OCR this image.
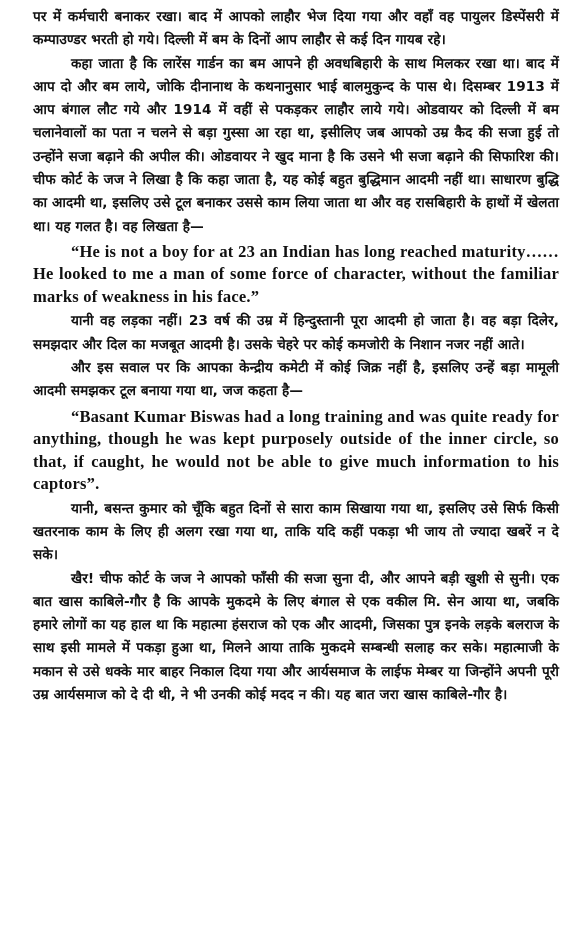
पर में कर्मचारी बनाकर रखा। बाद में आपको लाहौर भेज दिया गया और वहाँ वह पायुलर डिस्पेंसरी में कम्पाउण्डर भरती हो गये। दिल्ली में बम के दिनों आप लाहौर से कई दिन गायब रहे।

कहा जाता है कि लारेंस गार्डन का बम आपने ही अवधबिहारी के साथ मिलकर रखा था। बाद में आप दो और बम लाये, जोकि दीनानाथ के कथनानुसार भाई बालमुकुन्द के पास थे। दिसम्बर 1913 में आप बंगाल लौट गये और 1914 में वहीं से पकड़कर लाहौर लाये गये। ओडवायर को दिल्ली में बम चलानेवालों का पता न चलने से बड़ा गुस्सा आ रहा था, इसीलिए जब आपको उम्र कैद की सजा हुई तो उन्होंने सजा बढ़ाने की अपील की। ओडवायर ने खुद माना है कि उसने भी सजा बढ़ाने की सिफारिश की। चीफ कोर्ट के जज ने लिखा है कि कहा जाता है, यह कोई बहुत बुद्धिमान आदमी नहीं था। साधारण बुद्धि का आदमी था, इसलिए उसे टूल बनाकर उससे काम लिया जाता था और वह रासबिहारी के हाथों में खेलता था। यह गलत है। वह लिखता है—

“He is not a boy for at 23 an Indian has long reached maturity……He looked to me a man of some force of character, without the familiar marks of weakness in his face.”

यानी वह लड़का नहीं। 23 वर्ष की उम्र में हिन्दुस्तानी पूरा आदमी हो जाता है। वह बड़ा दिलेर, समझदार और दिल का मजबूत आदमी है। उसके चेहरे पर कोई कमजोरी के निशान नजर नहीं आते।

और इस सवाल पर कि आपका केन्द्रीय कमेटी में कोई जिक्र नहीं है, इसलिए उन्हें बड़ा मामूली आदमी समझकर टूल बनाया गया था, जज कहता है—

“Basant Kumar Biswas had a long training and was quite ready for anything, though he was kept purposely outside of the inner circle, so that, if caught, he would not be able to give much information to his captors”.

यानी, बसन्त कुमार को चूँकि बहुत दिनों से सारा काम सिखाया गया था, इसलिए उसे सिर्फ किसी खतरनाक काम के लिए ही अलग रखा गया था, ताकि यदि कहीं पकड़ा भी जाय तो ज्यादा खबरें न दे सके।

खैर! चीफ कोर्ट के जज ने आपको फाँसी की सजा सुना दी, और आपने बड़ी खुशी से सुनी। एक बात खास काबिले-गौर है कि आपके मुकदमे के लिए बंगाल से एक वकील मि. सेन आया था, जबकि हमारे लोगों का यह हाल था कि महात्मा हंसराज को एक और आदमी, जिसका पुत्र इनके लड़के बलराज के साथ इसी मामले में पकड़ा हुआ था, मिलने आया ताकि मुकदमे सम्बन्धी सलाह कर सके। महात्माजी के मकान से उसे धक्के मार बाहर निकाल दिया गया और आर्यसमाज के लाईफ मेम्बर या जिन्होंने अपनी पूरी उम्र आर्यसमाज को दे दी थी, ने भी उनकी कोई मदद न की। यह बात जरा खास काबिले-गौर है।
